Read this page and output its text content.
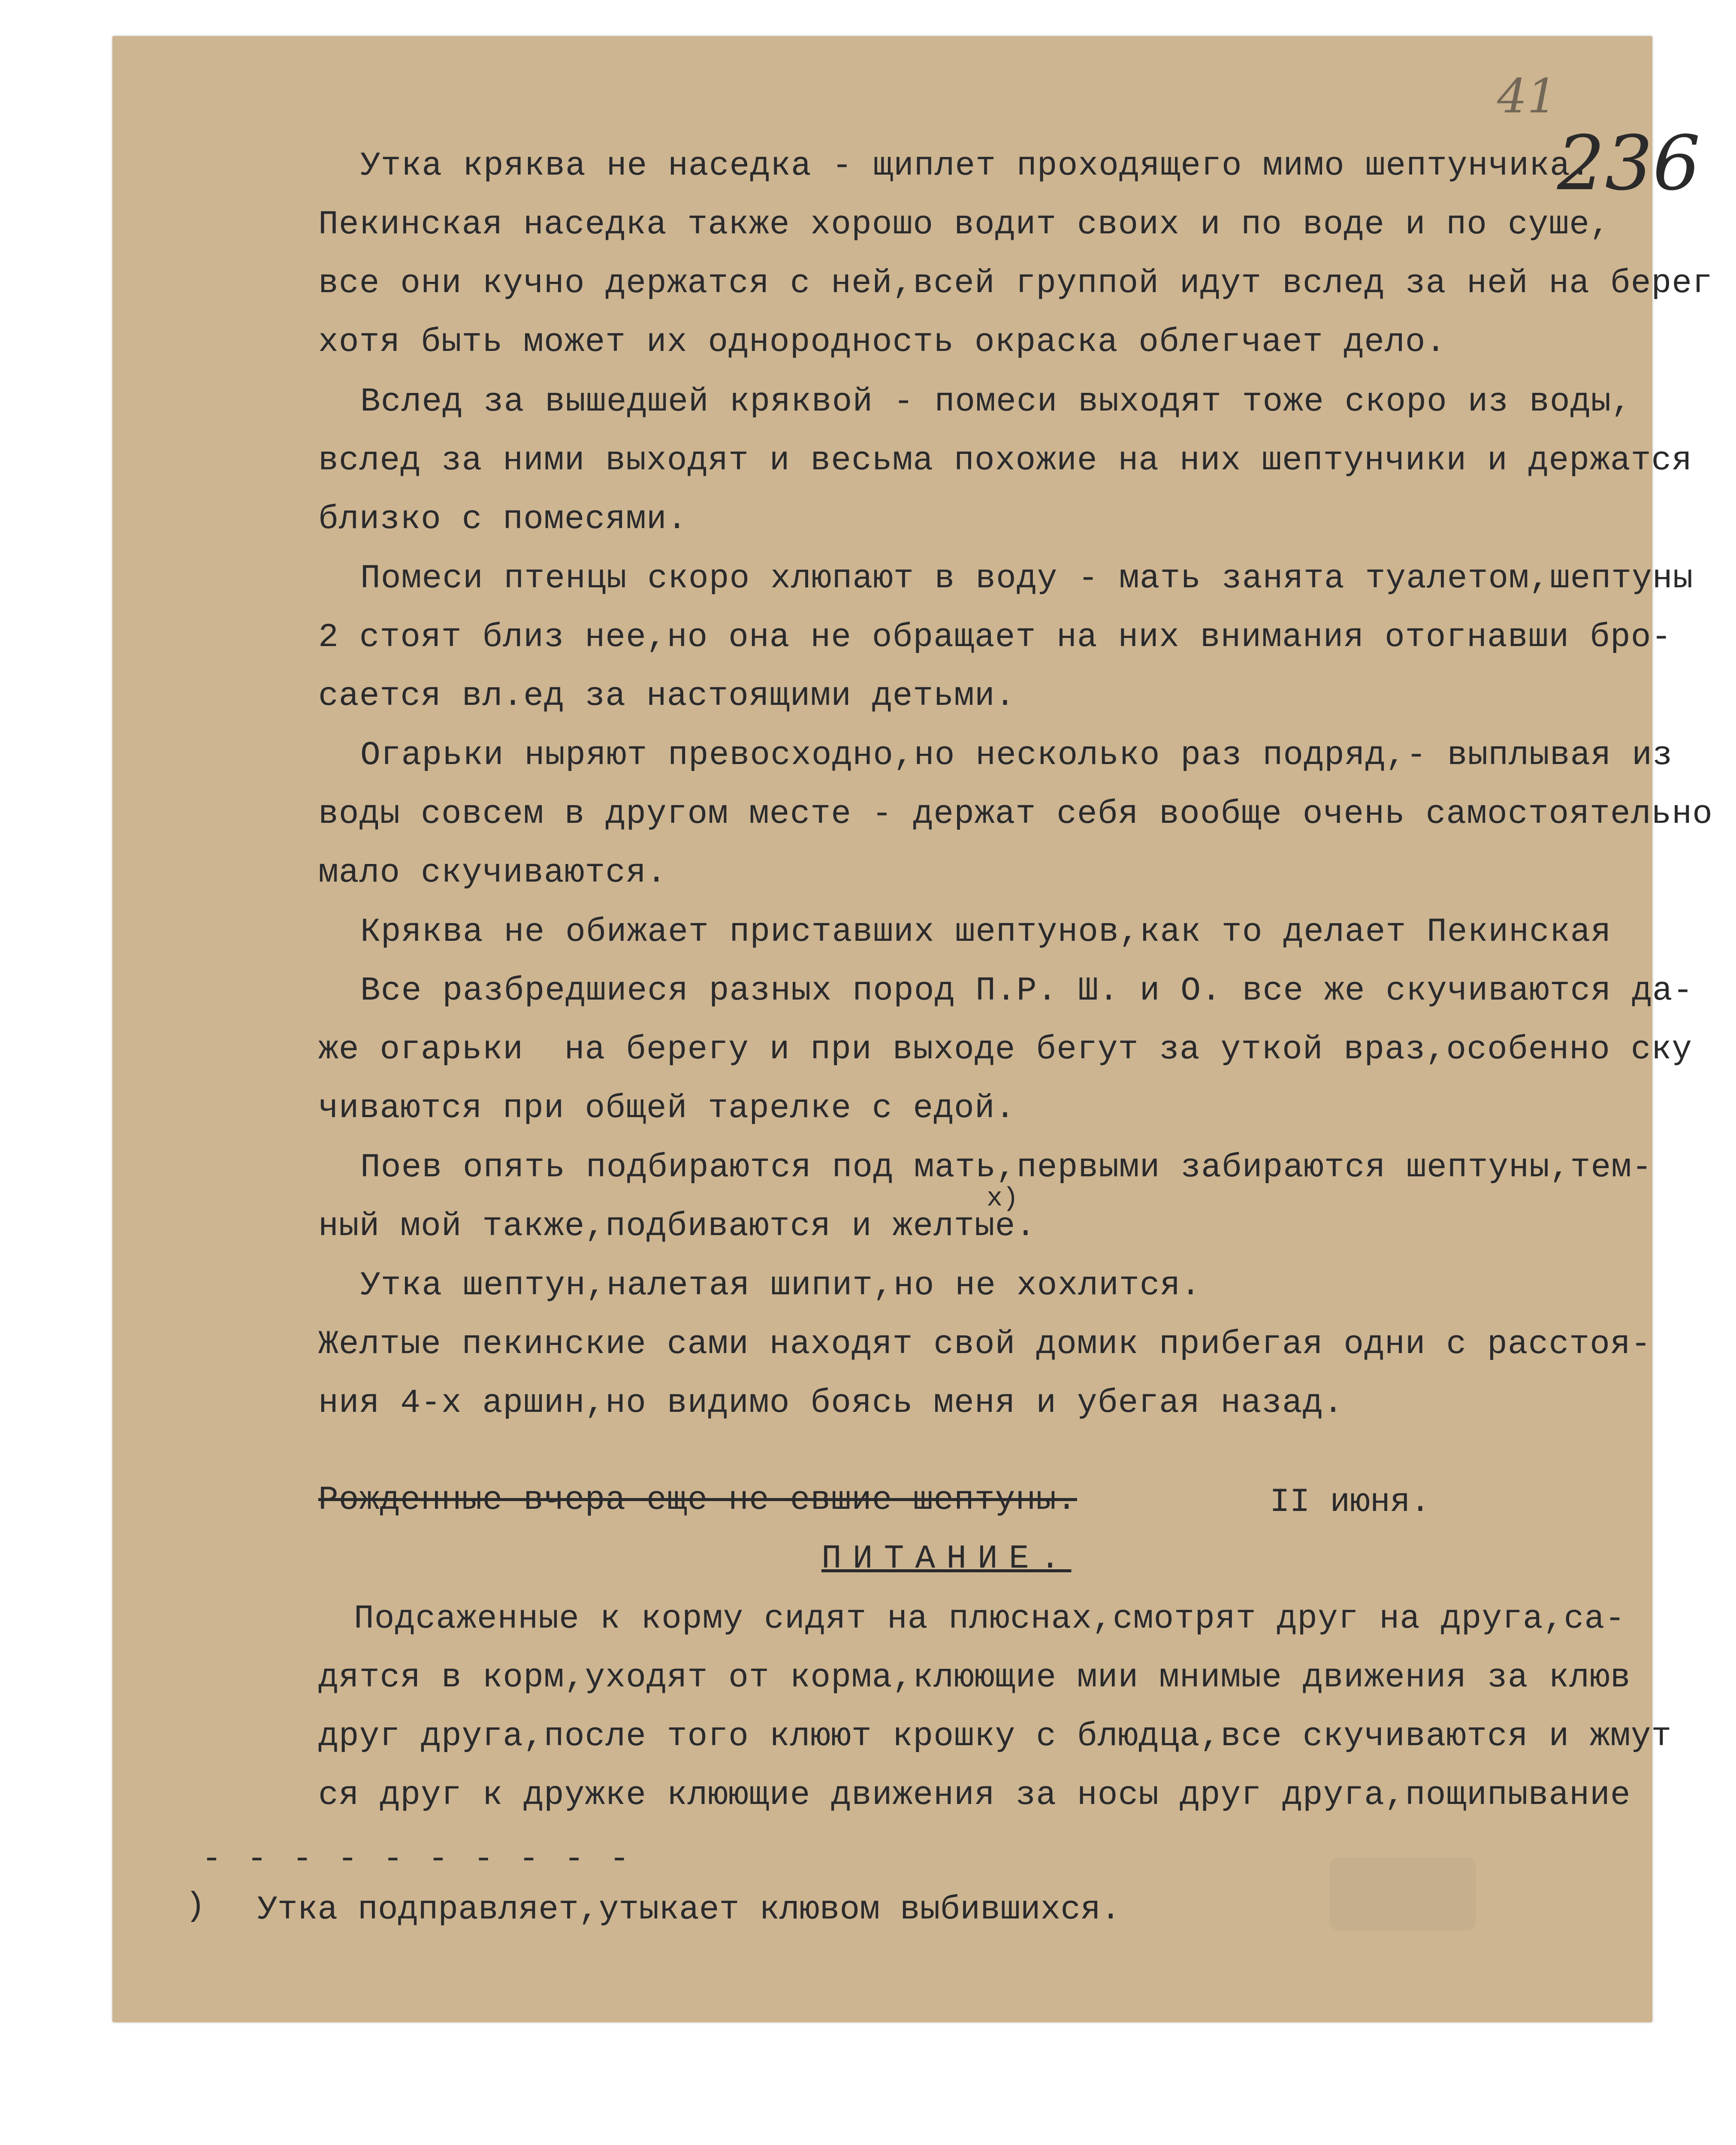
41
236
Утка кряква не наседка - щиплет проходящего мимо шептунчика.
Пекинская наседка также хорошо водит своих и по воде и по суше,
все они кучно держатся с ней,всей группой идут вслед за ней на берег
хотя быть может их однородность окраска облегчает дело.
Вслед за вышедшей кряквой - помеси выходят тоже скоро из воды,
вслед за ними выходят и весьма похожие на них шептунчики и держатся
близко с помесями.
Помеси птенцы скоро хлюпают в воду - мать занята туалетом,шептуны
2 стоят близ нее,но она не обращает на них внимания отогнавши бро-
сается вл.ед за настоящими детьми.
Огарьки ныряют превосходно,но несколько раз подряд,- выплывая из
воды совсем в другом месте - держат себя вообще очень самостоятельно
мало скучиваются.
Кряква не обижает приставших шептунов,как то делает Пекинская
Все разбредшиеся разных пород П.Р. Ш. и О. все же скучиваются да-
же огарьки  на берегу и при выходе бегут за уткой враз,особенно ску
чиваются при общей тарелке с едой.
Поев опять подбираются под мать,первыми забираются шептуны,тем-
x)
ный мой также,подбиваются и желтые.
Утка шептун,налетая шипит,но не хохлится.
Желтые пекинские сами находят свой домик прибегая одни с расстоя-
ния 4-х аршин,но видимо боясь меня и убегая назад.
Рожденные вчера еще не евшие шептуны.	II июня.
ПИТАНИЕ.
Подсаженные к корму сидят на плюснах,смотрят друг на друга,са-
дятся в корм,уходят от корма,клюющие мии мнимые движения за клюв
друг друга,после того клюют крошку с блюдца,все скучиваются и жмут
ся друг к дружке клюющие движения за носы друг друга,пощипывание
- - - - - - - - - -
) Утка подправляет,утыкает клювом выбившихся.
